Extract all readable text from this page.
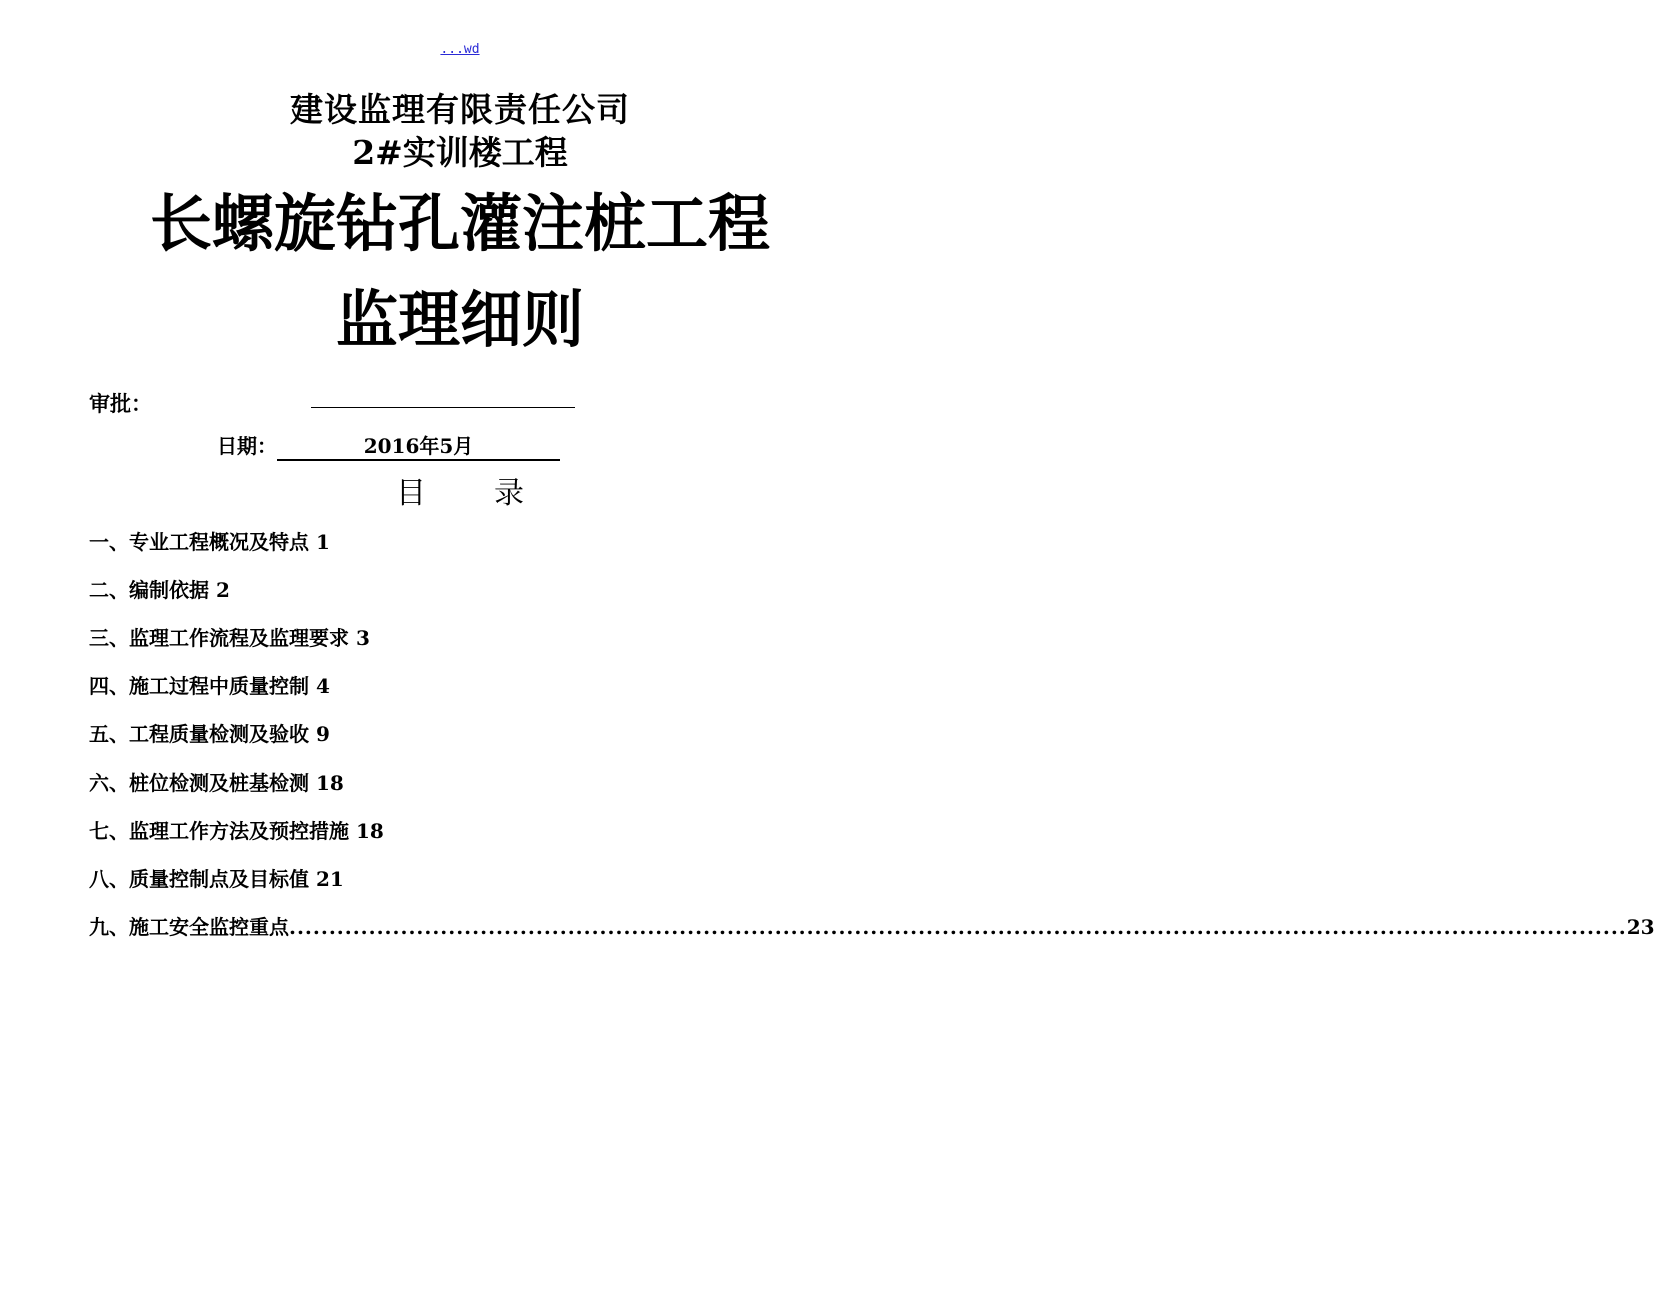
...wd
建设监理有限责任公司
2#实训楼工程
长螺旋钻孔灌注桩工程
监理细则
审批：
日期：	2016年5月
目 录
一、专业工程概况及特点 1
二、编制依据 2
三、监理工作流程及监理要求 3
四、施工过程中质量控制 4
五、工程质量检测及验收 9
六、桩位检测及桩基检测 18
七、监理工作方法及预控措施 18
八、质量控制点及目标值 21
九、施工安全监控重点 ........................................................................................................................................................................ 23
